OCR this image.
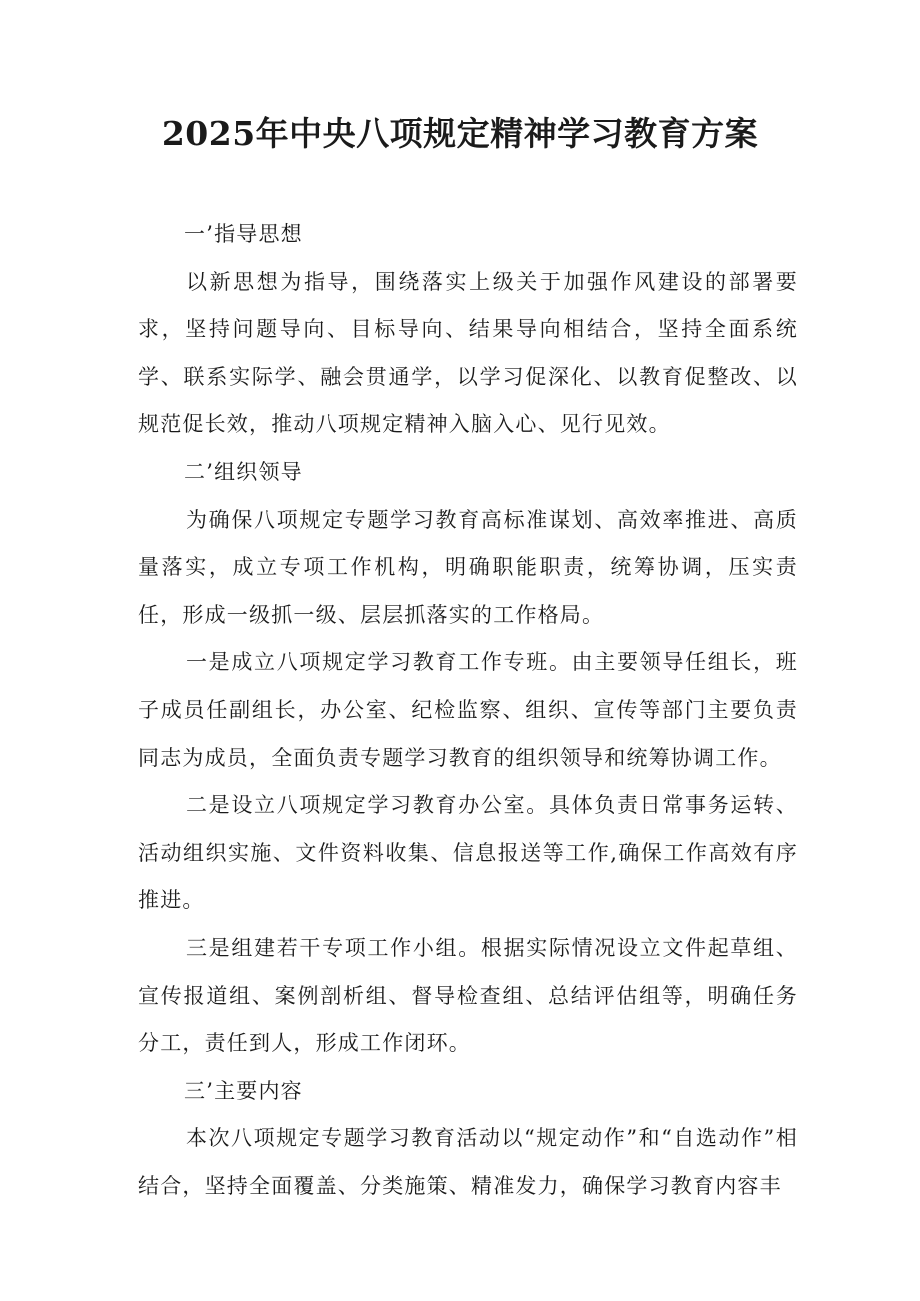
2025年中央八项规定精神学习教育方案

一’指导思想

以新思想为指导，围绕落实上级关于加强作风建设的部署要求，坚持问题导向、目标导向、结果导向相结合，坚持全面系统学、联系实际学、融会贯通学，以学习促深化、以教育促整改、以规范促长效，推动八项规定精神入脑入心、见行见效。

二’组织领导

为确保八项规定专题学习教育高标准谋划、高效率推进、高质量落实，成立专项工作机构，明确职能职责，统筹协调，压实责任，形成一级抓一级、层层抓落实的工作格局。

一是成立八项规定学习教育工作专班。由主要领导任组长，班子成员任副组长，办公室、纪检监察、组织、宣传等部门主要负责同志为成员，全面负责专题学习教育的组织领导和统筹协调工作。

二是设立八项规定学习教育办公室。具体负责日常事务运转、活动组织实施、文件资料收集、信息报送等工作,确保工作高效有序推进。

三是组建若干专项工作小组。根据实际情况设立文件起草组、宣传报道组、案例剖析组、督导检查组、总结评估组等，明确任务分工，责任到人，形成工作闭环。

三’主要内容

本次八项规定专题学习教育活动以“规定动作”和“自选动作”相结合，坚持全面覆盖、分类施策、精准发力，确保学习教育内容丰
